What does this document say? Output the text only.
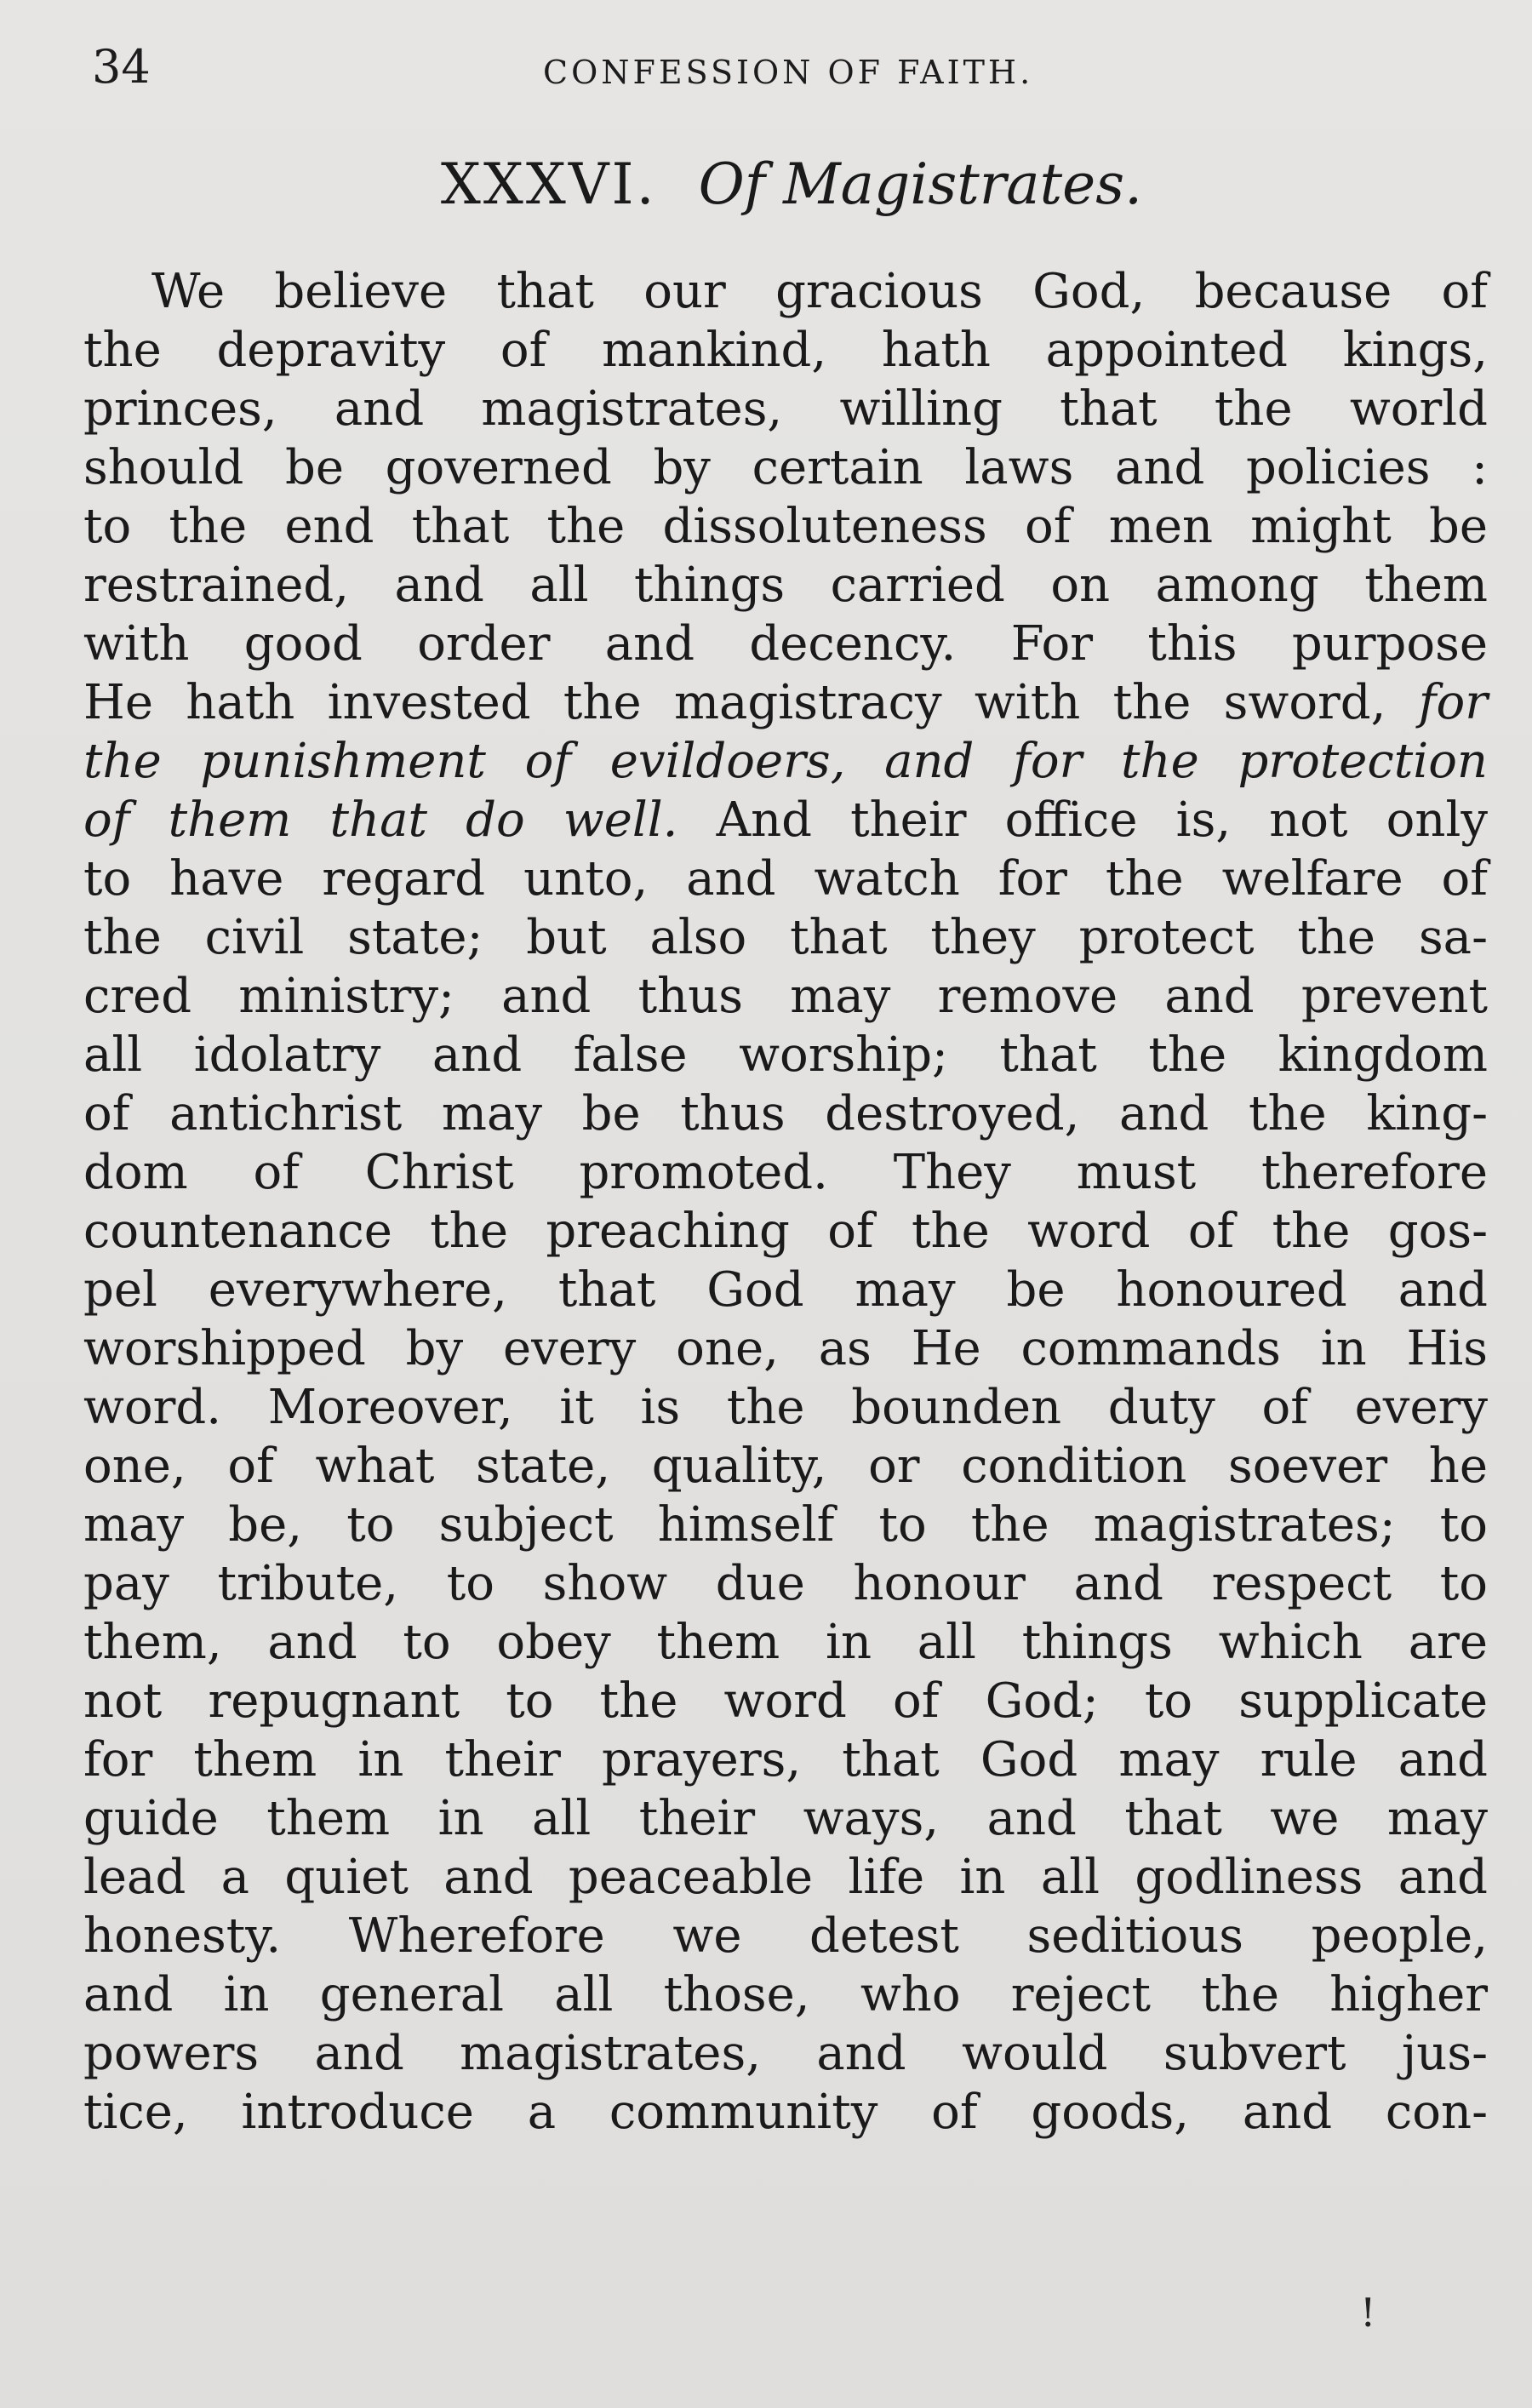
34	CONFESSION OF FAITH.
XXXVI. Of Magistrates.
We believe that our gracious God, because of
the depravity of mankind, hath appointed kings,
princes, and magistrates, willing that the world
should be governed by certain laws and policies :
to the end that the dissoluteness of men might be
restrained, and all things carried on among them
with good order and decency. For this purpose
He hath invested the magistracy with the sword, for
the punishment of evildoers, and for the protection
of them that do well. And their office is, not only
to have regard unto, and watch for the welfare of
the civil state; but also that they protect the sa-
cred ministry; and thus may remove and prevent
all idolatry and false worship; that the kingdom
of antichrist may be thus destroyed, and the king-
dom of Christ promoted. They must therefore
countenance the preaching of the word of the gos-
pel everywhere, that God may be honoured and
worshipped by every one, as He commands in His
word. Moreover, it is the bounden duty of every
one, of what state, quality, or condition soever he
may be, to subject himself to the magistrates; to
pay tribute, to show due honour and respect to
them, and to obey them in all things which are
not repugnant to the word of God; to supplicate
for them in their prayers, that God may rule and
guide them in all their ways, and that we may
lead a quiet and peaceable life in all godliness and
honesty. Wherefore we detest seditious people,
and in general all those, who reject the higher
powers and magistrates, and would subvert jus-
tice, introduce a community of goods, and con-
!
